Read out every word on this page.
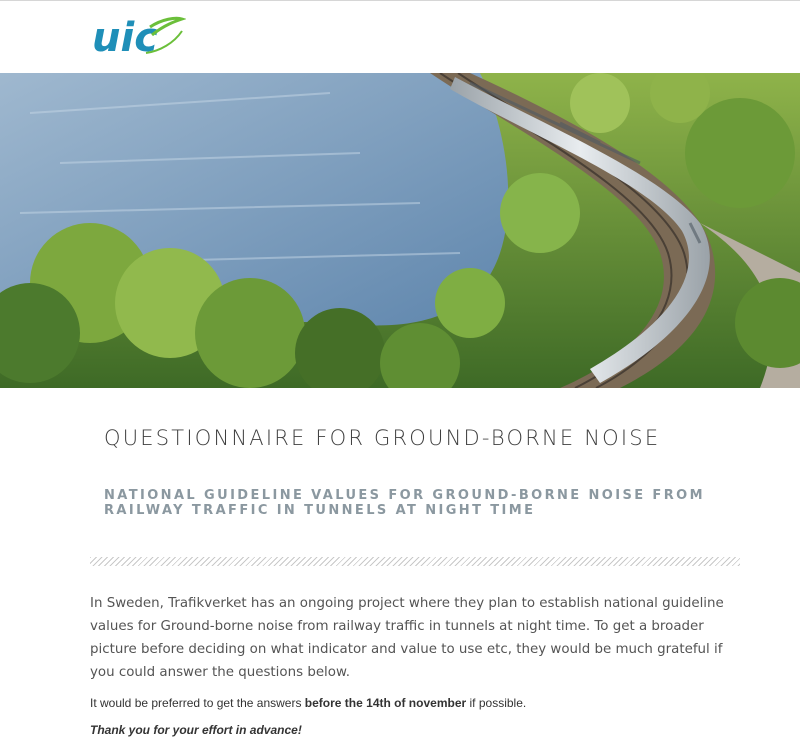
uic
QUESTIONNAIRE FOR GROUND-BORNE NOISE
NATIONAL GUIDELINE VALUES FOR GROUND-BORNE NOISE FROM RAILWAY TRAFFIC IN TUNNELS AT NIGHT TIME

In Sweden, Trafikverket has an ongoing project where they plan to establish national guideline values for Ground-borne noise from railway traffic in tunnels at night time. To get a broader picture before deciding on what indicator and value to use etc, they would be much grateful if you could answer the questions below.

It would be preferred to get the answers before the 14th of november if possible.

Thank you for your effort in advance!
